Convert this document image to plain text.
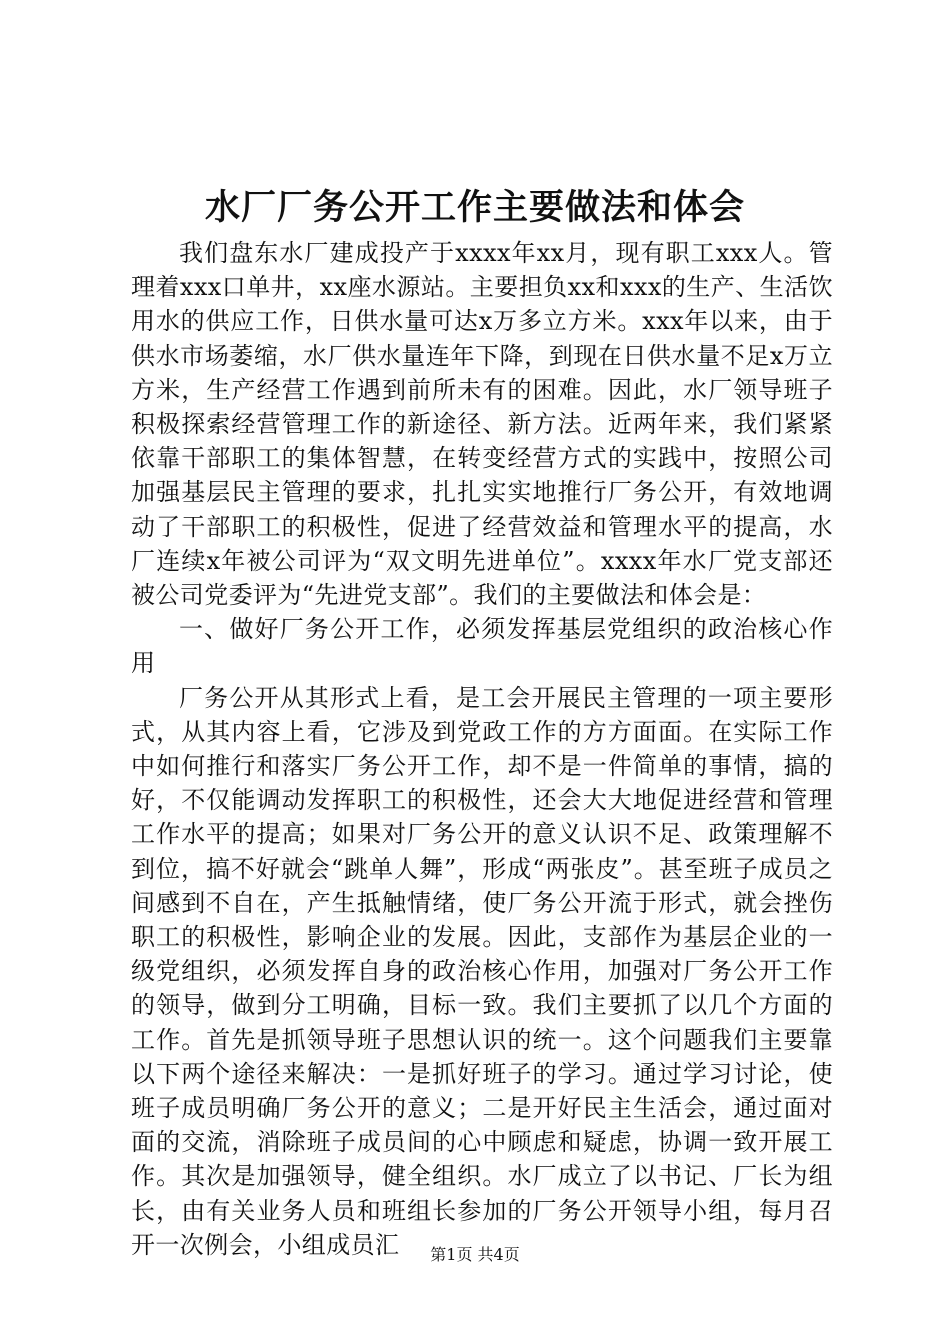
水厂厂务公开工作主要做法和体会

我们盘东水厂建成投产于xxxx年xx月，现有职工xxx人。管理着xxx口单井，xx座水源站。主要担负xx和xxx的生产、生活饮用水的供应工作，日供水量可达x万多立方米。xxx年以来，由于供水市场萎缩，水厂供水量连年下降，到现在日供水量不足x万立方米，生产经营工作遇到前所未有的困难。因此，水厂领导班子积极探索经营管理工作的新途径、新方法。近两年来，我们紧紧依靠干部职工的集体智慧，在转变经营方式的实践中，按照公司加强基层民主管理的要求，扎扎实实地推行厂务公开，有效地调动了干部职工的积极性，促进了经营效益和管理水平的提高，水厂连续x年被公司评为“双文明先进单位”。xxxx年水厂党支部还被公司党委评为“先进党支部”。我们的主要做法和体会是：

一、做好厂务公开工作，必须发挥基层党组织的政治核心作用

厂务公开从其形式上看，是工会开展民主管理的一项主要形式，从其内容上看，它涉及到党政工作的方方面面。在实际工作中如何推行和落实厂务公开工作，却不是一件简单的事情，搞的好，不仅能调动发挥职工的积极性，还会大大地促进经营和管理工作水平的提高；如果对厂务公开的意义认识不足、政策理解不到位，搞不好就会“跳单人舞”，形成“两张皮”。甚至班子成员之间感到不自在，产生抵触情绪，使厂务公开流于形式，就会挫伤职工的积极性，影响企业的发展。因此，支部作为基层企业的一级党组织，必须发挥自身的政治核心作用，加强对厂务公开工作的领导，做到分工明确，目标一致。我们主要抓了以几个方面的工作。首先是抓领导班子思想认识的统一。这个问题我们主要靠以下两个途径来解决：一是抓好班子的学习。通过学习讨论，使班子成员明确厂务公开的意义；二是开好民主生活会，通过面对面的交流，消除班子成员间的心中顾虑和疑虑，协调一致开展工作。其次是加强领导，健全组织。水厂成立了以书记、厂长为组长，由有关业务人员和班组长参加的厂务公开领导小组，每月召开一次例会，小组成员汇	第1页 共4页
